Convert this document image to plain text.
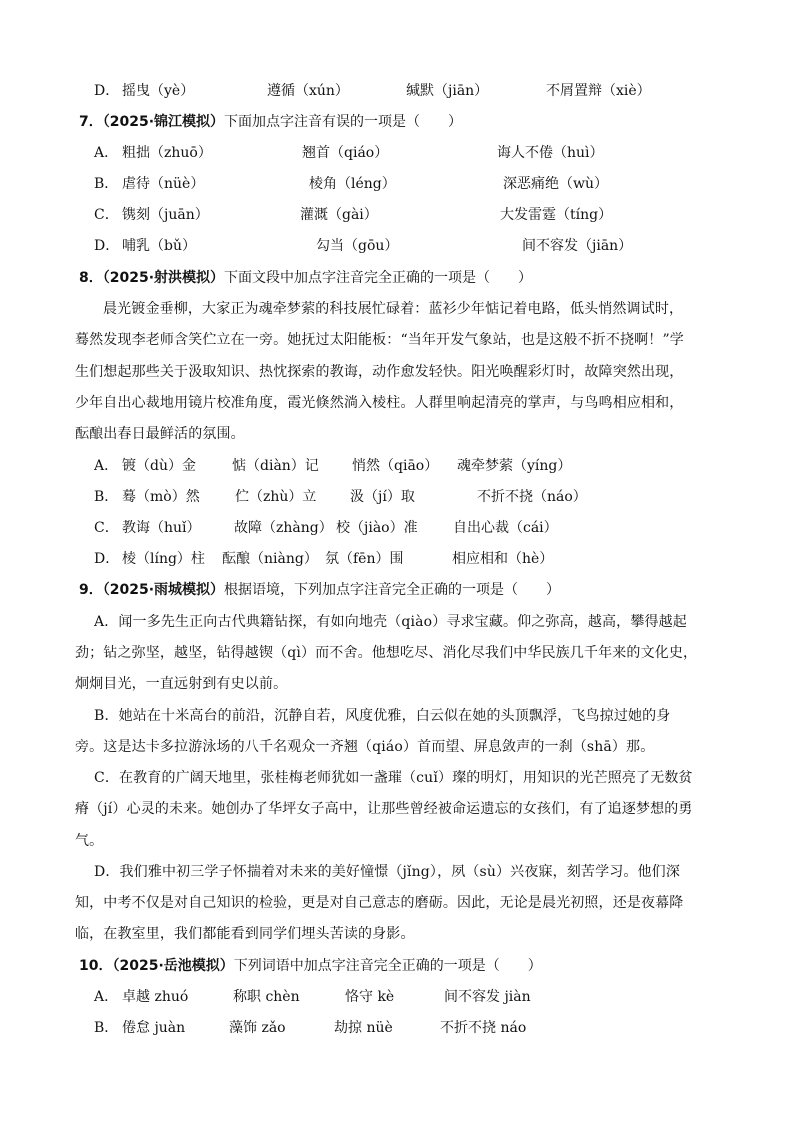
D． 摇曳（yè）	遵循（xún）	缄默（jiān）	不屑置辩（xiè）
7．（2025·锦江模拟）下面加点字注音有误的一项是（　　）
A． 粗拙（zhuō）	翘首（qiáo）	诲人不倦（huì）
B． 虐待（nüè）	棱角（léng）	深恶痛绝（wù）
C． 镌刻（juān）	灌溉（gài）	大发雷霆（tíng）
D． 哺乳（bǔ）	勾当（gōu）	间不容发（jiān）
8．（2025·射洪模拟）下面文段中加点字注音完全正确的一项是（　　）
晨光镀金垂柳，大家正为魂牵梦萦的科技展忙碌着：蓝衫少年惦记着电路，低头悄然调试时，
蓦然发现李老师含笑伫立在一旁。她抚过太阳能板：“当年开发气象站，也是这般不折不挠啊！”学
生们想起那些关于汲取知识、热忱探索的教诲，动作愈发轻快。阳光唤醒彩灯时，故障突然出现，
少年自出心裁地用镜片校准角度，霞光倏然淌入棱柱。人群里响起清亮的掌声，与鸟鸣相应相和，
酝酿出春日最鲜活的氛围。
A． 镀（dù）金	惦（diàn）记 悄然（qiāo） 魂牵梦萦（yíng）
B． 蓦（mò）然	伫（zhù）立 汲（jí）取	不折不挠（náo）
C． 教诲（huǐ） 故障（zhàng） 校（jiào）准	自出心裁（cái）
D． 棱（líng）柱 酝酿（niàng） 氛（fēn）围	相应相和（hè）
9．（2025·雨城模拟）根据语境，下列加点字注音完全正确的一项是（　　）
A．闻一多先生正向古代典籍钻探，有如向地壳（qiào）寻求宝藏。仰之弥高，越高，攀得越起
劲；钻之弥坚，越坚，钻得越锲（qì）而不舍。他想吃尽、消化尽我们中华民族几千年来的文化史，
炯炯目光，一直远射到有史以前。
B．她站在十米高台的前沿，沉静自若，风度优雅，白云似在她的头顶飘浮，飞鸟掠过她的身
旁。这是达卡多拉游泳场的八千名观众一齐翘（qiáo）首而望、屏息敛声的一刹（shā）那。
C．在教育的广阔天地里，张桂梅老师犹如一盏璀（cuǐ）璨的明灯，用知识的光芒照亮了无数贫
瘠（jí）心灵的未来。她创办了华坪女子高中，让那些曾经被命运遗忘的女孩们，有了追逐梦想的勇
气。
D．我们雅中初三学子怀揣着对未来的美好憧憬（jǐng），夙（sù）兴夜寐，刻苦学习。他们深
知，中考不仅是对自己知识的检验，更是对自己意志的磨砺。因此，无论是晨光初照，还是夜幕降
临，在教室里，我们都能看到同学们埋头苦读的身影。
10．（2025·岳池模拟）下列词语中加点字注音完全正确的一项是（　　）
A． 卓越 zhuó	称职 chèn	恪守 kè	间不容发 jiàn
B． 倦怠 juàn	藻饰 zǎo	劫掠 nüè	不折不挠 náo
